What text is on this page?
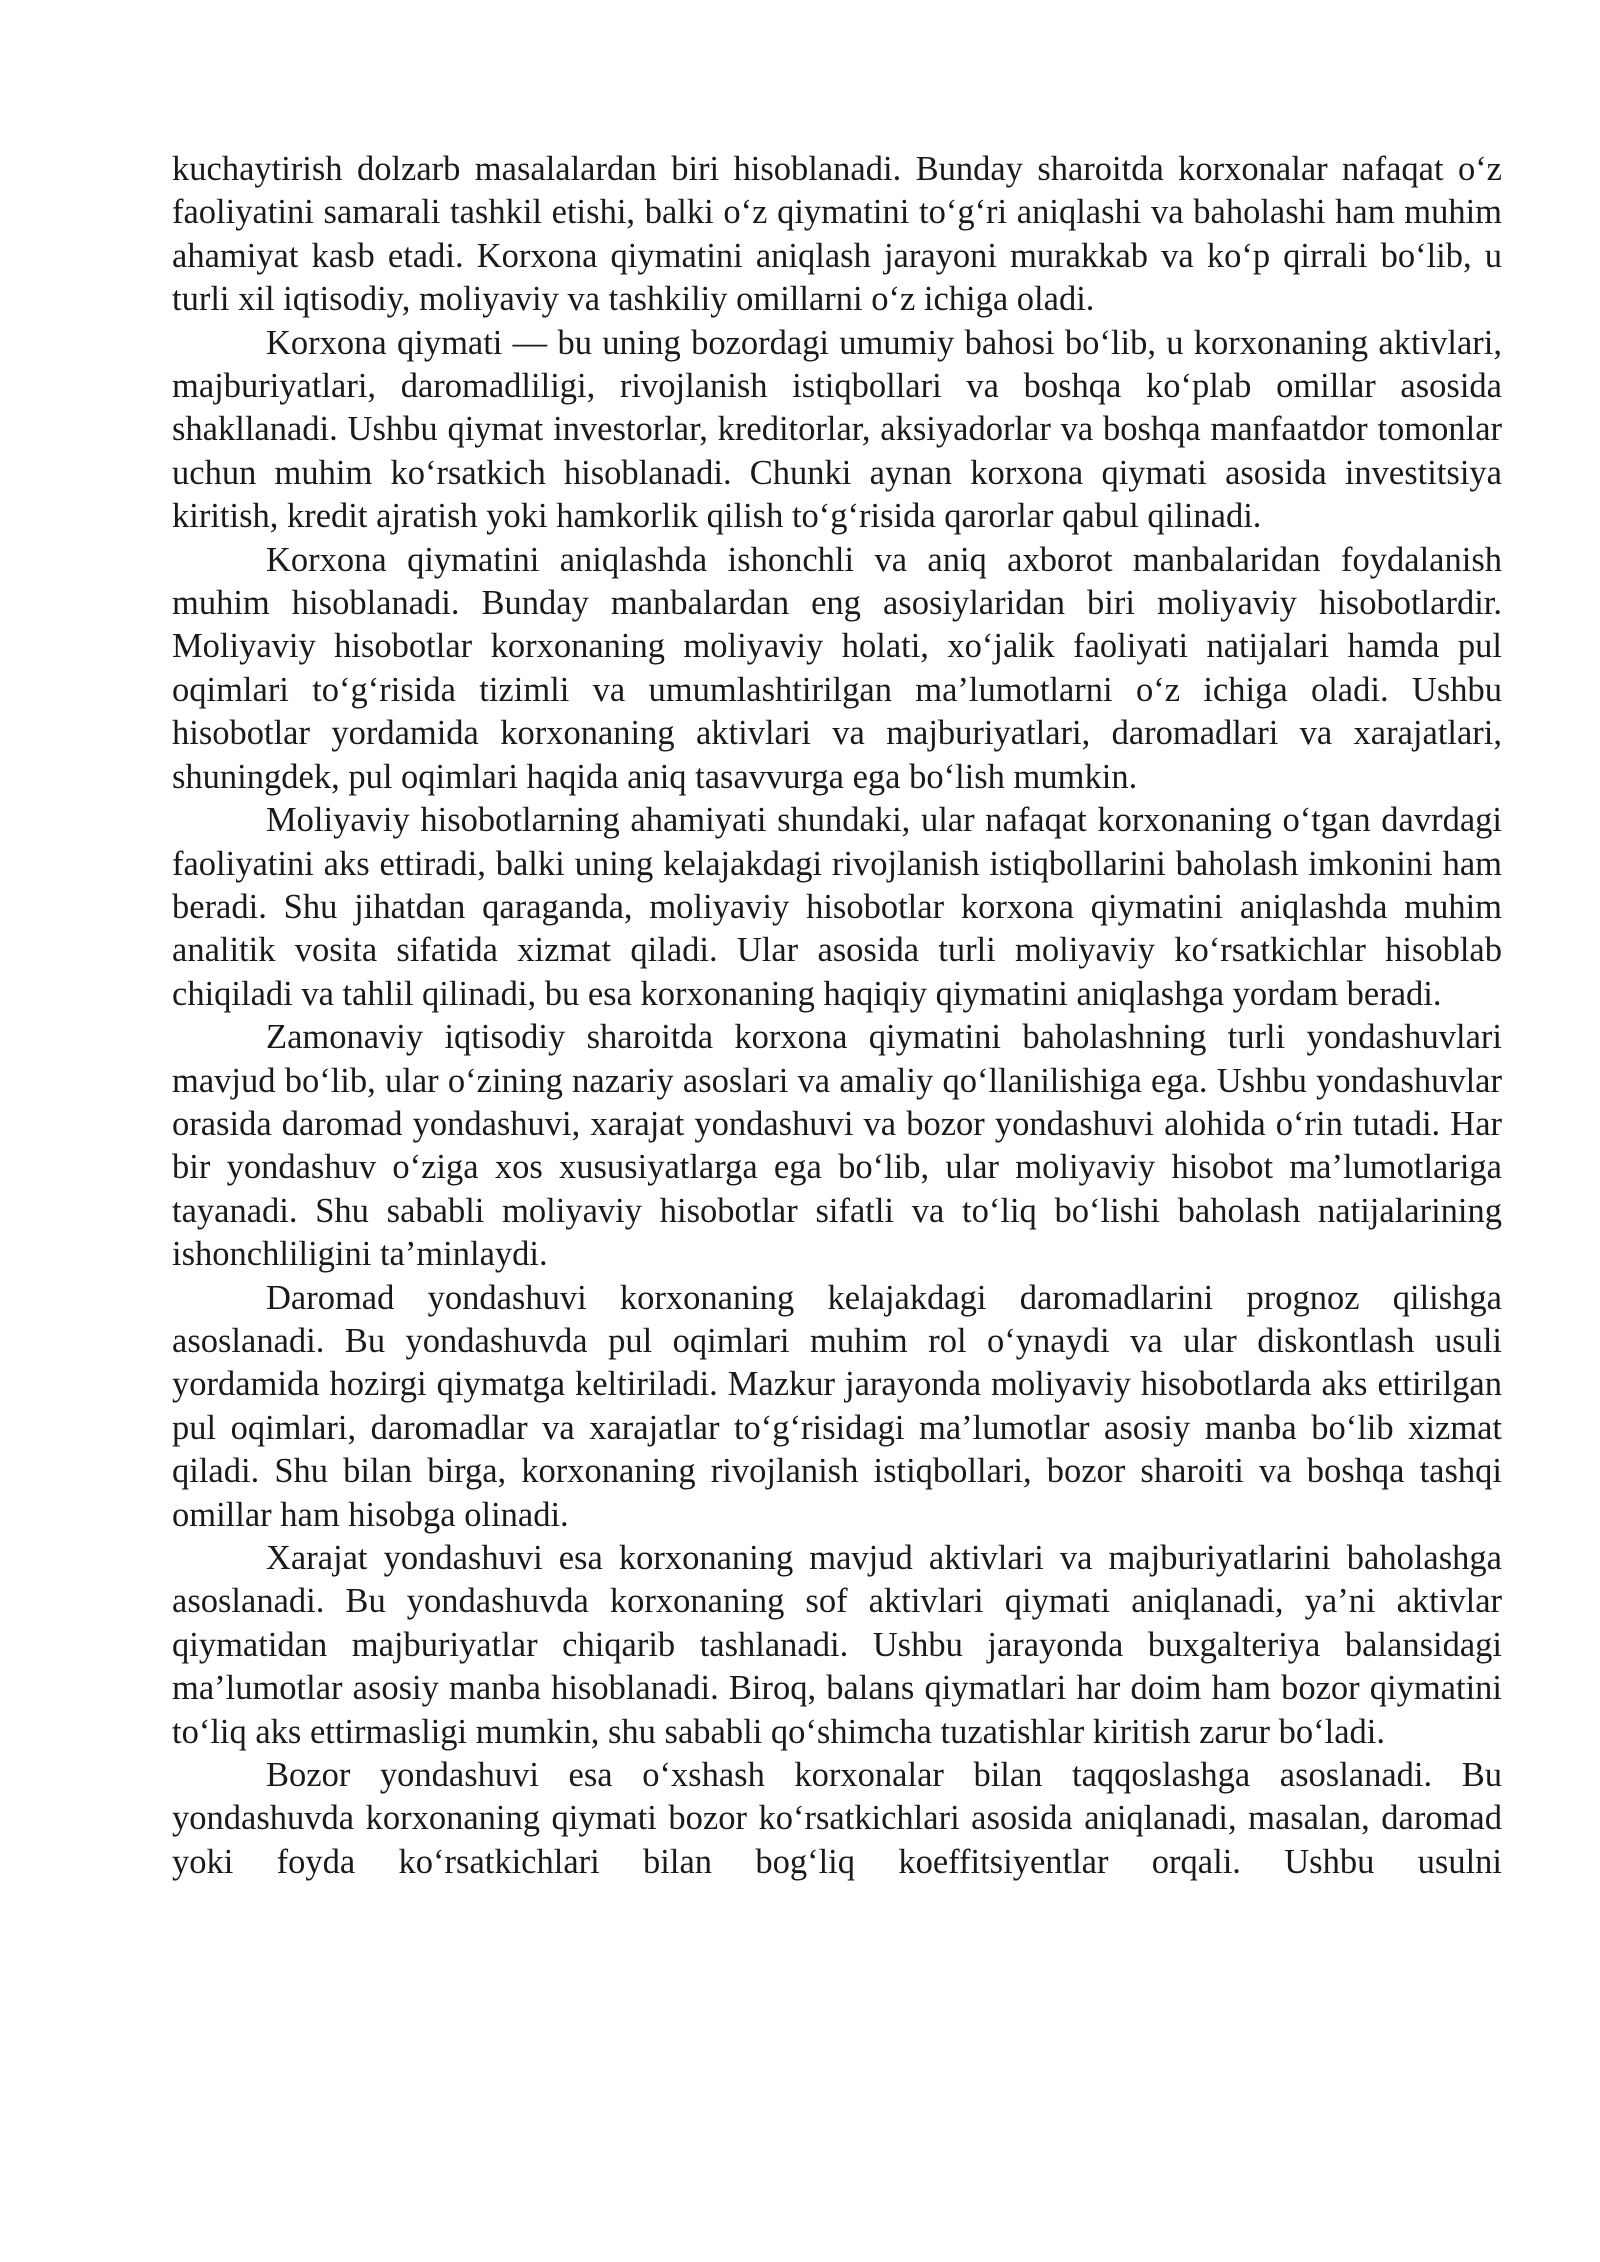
kuchaytirish dolzarb masalalardan biri hisoblanadi. Bunday sharoitda korxonalar nafaqat o‘z faoliyatini samarali tashkil etishi, balki o‘z qiymatini to‘g‘ri aniqlashi va baholashi ham muhim ahamiyat kasb etadi. Korxona qiymatini aniqlash jarayoni murakkab va ko‘p qirrali bo‘lib, u turli xil iqtisodiy, moliyaviy va tashkiliy omillarni o‘z ichiga oladi.

Korxona qiymati — bu uning bozordagi umumiy bahosi bo‘lib, u korxonaning aktivlari, majburiyatlari, daromadliligi, rivojlanish istiqbollari va boshqa ko‘plab omillar asosida shakllanadi. Ushbu qiymat investorlar, kreditorlar, aksiyadorlar va boshqa manfaatdor tomonlar uchun muhim ko‘rsatkich hisoblanadi. Chunki aynan korxona qiymati asosida investitsiya kiritish, kredit ajratish yoki hamkorlik qilish to‘g‘risida qarorlar qabul qilinadi.

Korxona qiymatini aniqlashda ishonchli va aniq axborot manbalaridan foydalanish muhim hisoblanadi. Bunday manbalardan eng asosiylaridan biri moliyaviy hisobotlardir. Moliyaviy hisobotlar korxonaning moliyaviy holati, xo‘jalik faoliyati natijalari hamda pul oqimlari to‘g‘risida tizimli va umumlashtirilgan ma’lumotlarni o‘z ichiga oladi. Ushbu hisobotlar yordamida korxonaning aktivlari va majburiyatlari, daromadlari va xarajatlari, shuningdek, pul oqimlari haqida aniq tasavvurga ega bo‘lish mumkin.

Moliyaviy hisobotlarning ahamiyati shundaki, ular nafaqat korxonaning o‘tgan davrdagi faoliyatini aks ettiradi, balki uning kelajakdagi rivojlanish istiqbollarini baholash imkonini ham beradi. Shu jihatdan qaraganda, moliyaviy hisobotlar korxona qiymatini aniqlashda muhim analitik vosita sifatida xizmat qiladi. Ular asosida turli moliyaviy ko‘rsatkichlar hisoblab chiqiladi va tahlil qilinadi, bu esa korxonaning haqiqiy qiymatini aniqlashga yordam beradi.

Zamonaviy iqtisodiy sharoitda korxona qiymatini baholashning turli yondashuvlari mavjud bo‘lib, ular o‘zining nazariy asoslari va amaliy qo‘llanilishiga ega. Ushbu yondashuvlar orasida daromad yondashuvi, xarajat yondashuvi va bozor yondashuvi alohida o‘rin tutadi. Har bir yondashuv o‘ziga xos xususiyatlarga ega bo‘lib, ular moliyaviy hisobot ma’lumotlariga tayanadi. Shu sababli moliyaviy hisobotlar sifatli va to‘liq bo‘lishi baholash natijalarining ishonchliligini ta’minlaydi.

Daromad yondashuvi korxonaning kelajakdagi daromadlarini prognoz qilishga asoslanadi. Bu yondashuvda pul oqimlari muhim rol o‘ynaydi va ular diskontlash usuli yordamida hozirgi qiymatga keltiriladi. Mazkur jarayonda moliyaviy hisobotlarda aks ettirilgan pul oqimlari, daromadlar va xarajatlar to‘g‘risidagi ma’lumotlar asosiy manba bo‘lib xizmat qiladi. Shu bilan birga, korxonaning rivojlanish istiqbollari, bozor sharoiti va boshqa tashqi omillar ham hisobga olinadi.

Xarajat yondashuvi esa korxonaning mavjud aktivlari va majburiyatlarini baholashga asoslanadi. Bu yondashuvda korxonaning sof aktivlari qiymati aniqlanadi, ya’ni aktivlar qiymatidan majburiyatlar chiqarib tashlanadi. Ushbu jarayonda buxgalteriya balansidagi ma’lumotlar asosiy manba hisoblanadi. Biroq, balans qiymatlari har doim ham bozor qiymatini to‘liq aks ettirmasligi mumkin, shu sababli qo‘shimcha tuzatishlar kiritish zarur bo‘ladi.

Bozor yondashuvi esa o‘xshash korxonalar bilan taqqoslashga asoslanadi. Bu yondashuvda korxonaning qiymati bozor ko‘rsatkichlari asosida aniqlanadi, masalan, daromad yoki foyda ko‘rsatkichlari bilan bog‘liq koeffitsiyentlar orqali. Ushbu usulni
